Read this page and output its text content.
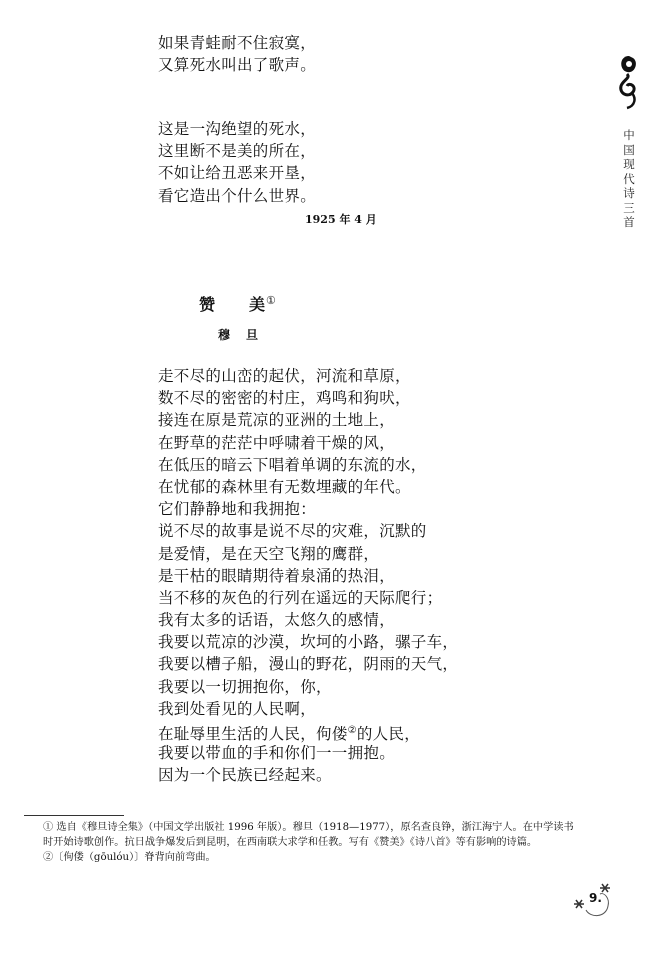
中国现代诗三首
如果青蛙耐不住寂寞，
又算死水叫出了歌声。
这是一沟绝望的死水，
这里断不是美的所在，
不如让给丑恶来开垦，
看它造出个什么世界。
1925 年 4 月
赞 美①
穆 旦
走不尽的山峦的起伏，河流和草原，
数不尽的密密的村庄，鸡鸣和狗吠，
接连在原是荒凉的亚洲的土地上，
在野草的茫茫中呼啸着干燥的风，
在低压的暗云下唱着单调的东流的水，
在忧郁的森林里有无数埋藏的年代。
它们静静地和我拥抱：
说不尽的故事是说不尽的灾难，沉默的
是爱情，是在天空飞翔的鹰群，
是干枯的眼睛期待着泉涌的热泪，
当不移的灰色的行列在遥远的天际爬行；
我有太多的话语，太悠久的感情，
我要以荒凉的沙漠，坎坷的小路，骡子车，
我要以槽子船，漫山的野花，阴雨的天气，
我要以一切拥抱你，你，
我到处看见的人民啊，
在耻辱里生活的人民，佝偻②的人民，
我要以带血的手和你们一一拥抱。
因为一个民族已经起来。
① 选自《穆旦诗全集》（中国文学出版社 1996 年版）。穆旦（1918—1977），原名查良铮，浙江海宁人。在中学读书
时开始诗歌创作。抗日战争爆发后到昆明，在西南联大求学和任教。写有《赞美》《诗八首》等有影响的诗篇。
②〔佝偻（gōulóu）〕脊背向前弯曲。
9.
